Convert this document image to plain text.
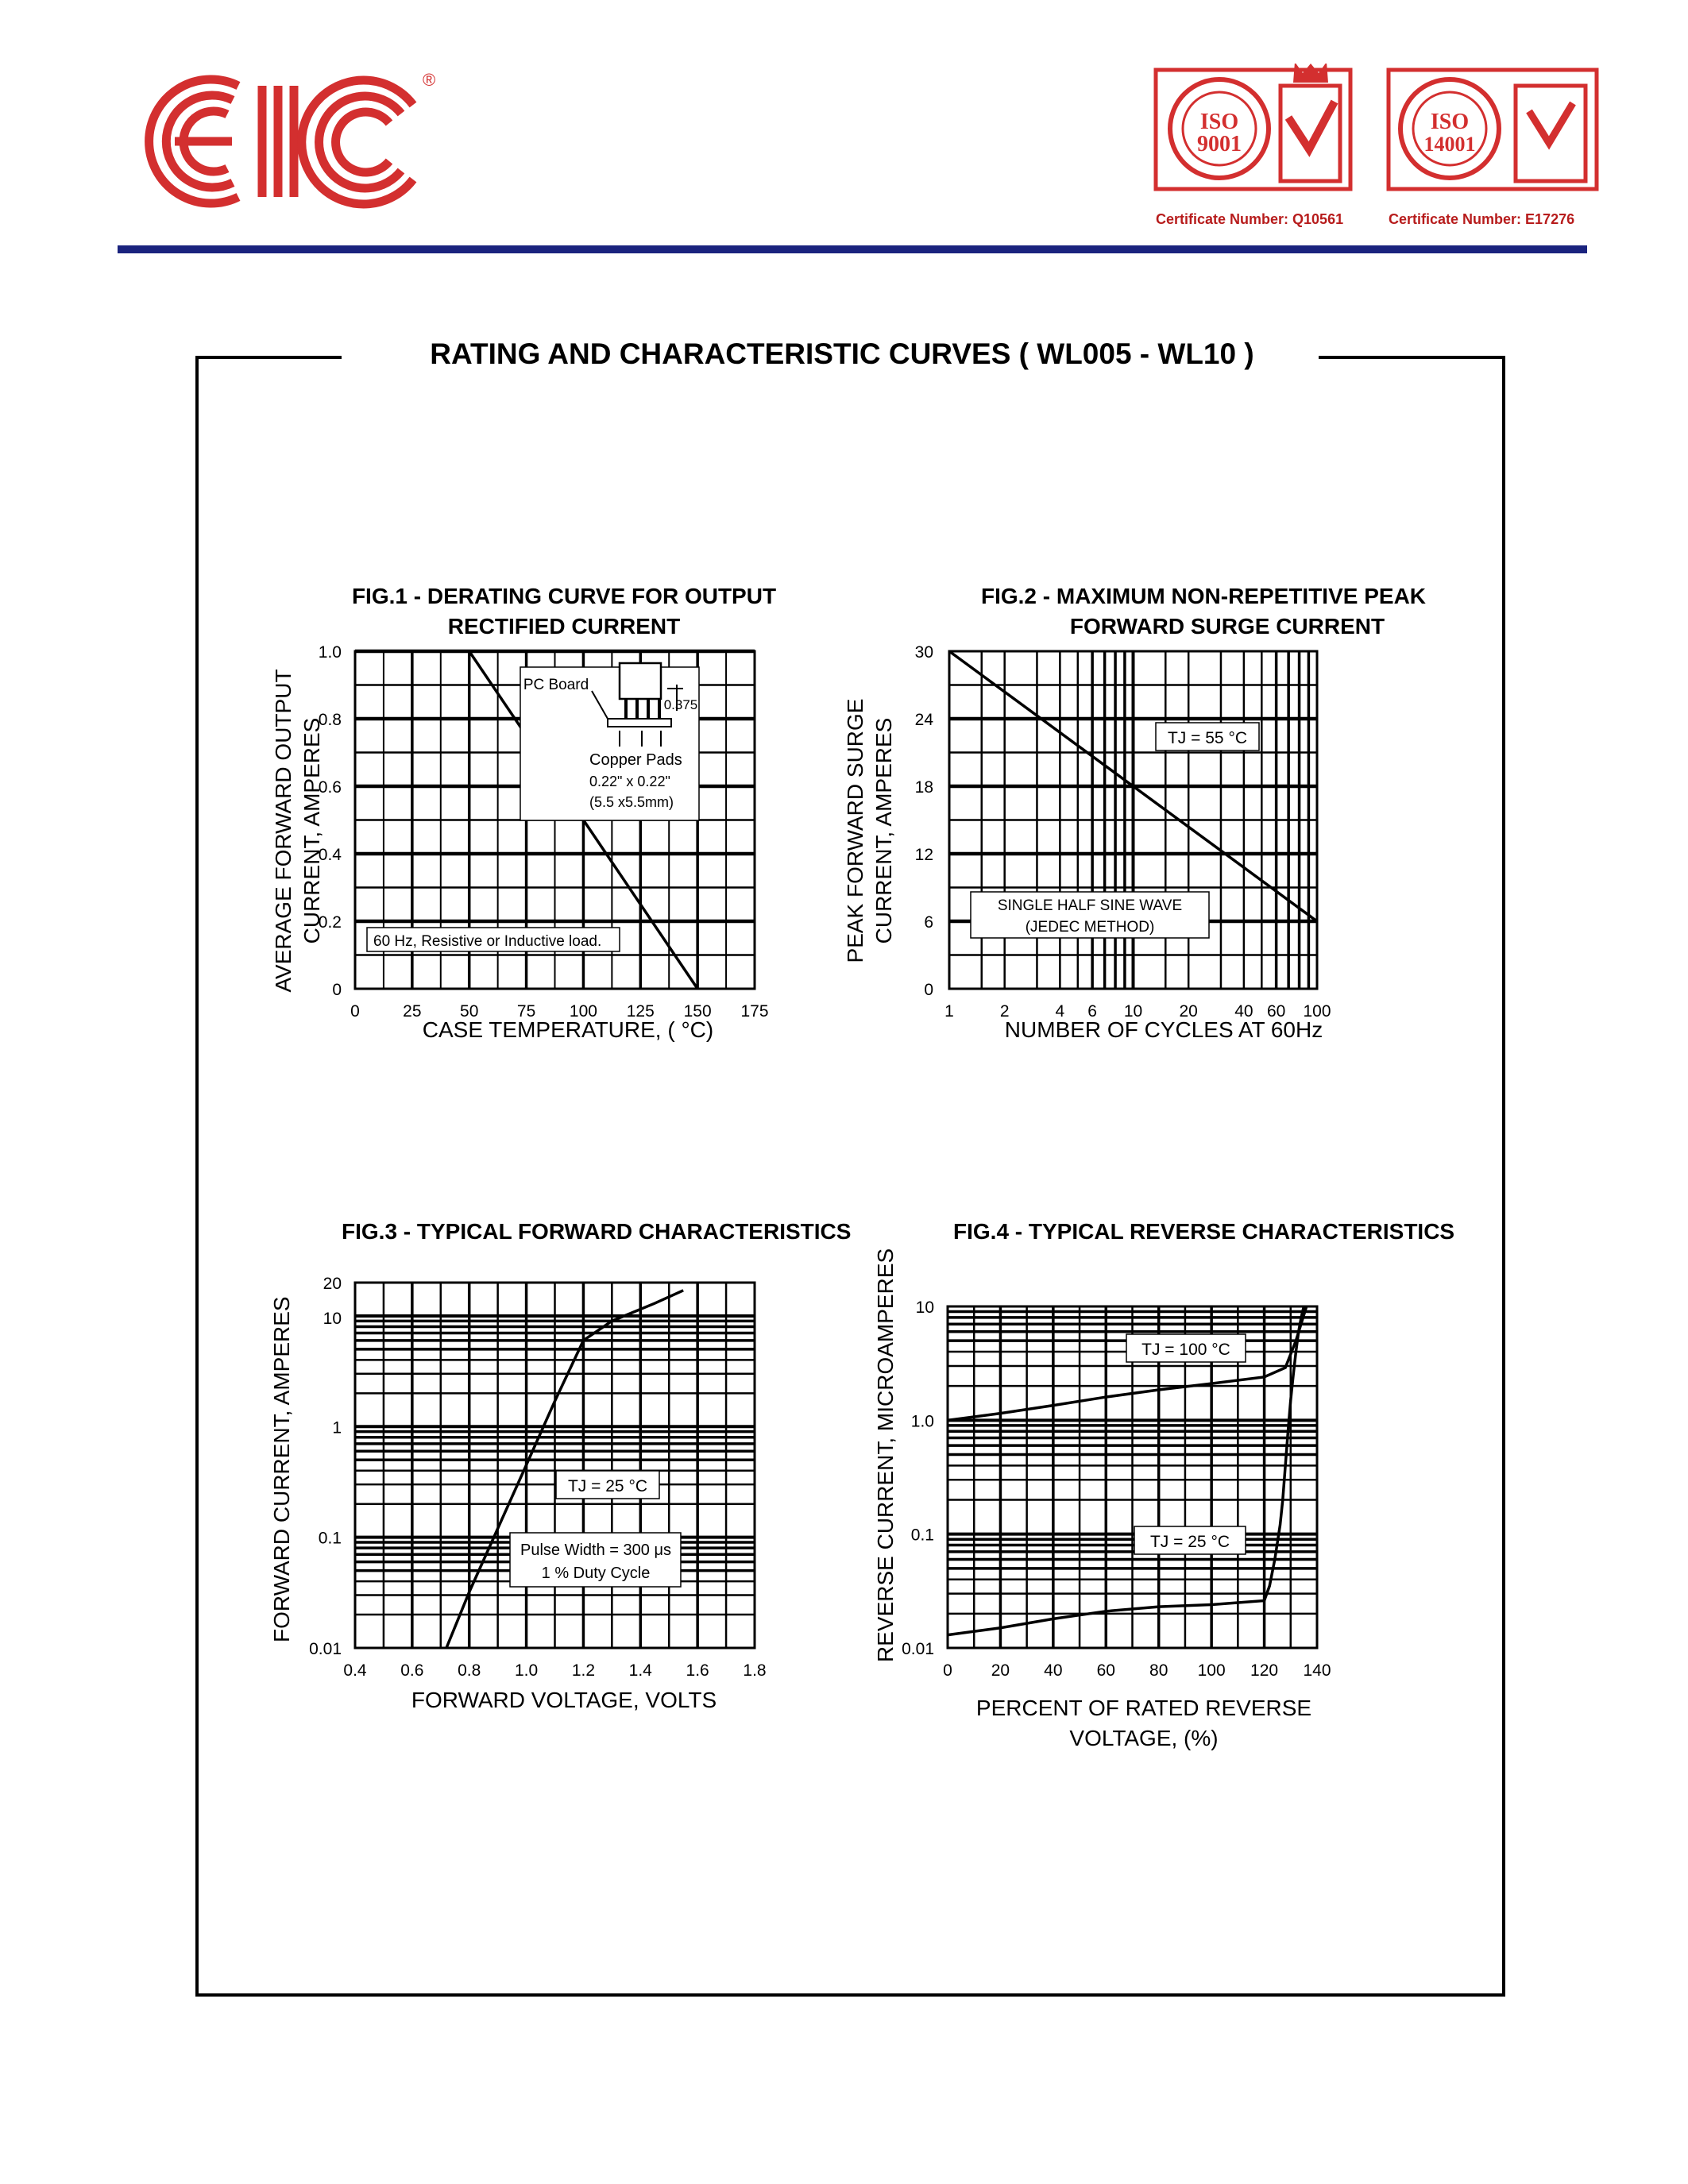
®
ISO
9001
Certificate Number: Q10561
ISO
14001
Certificate Number: E17276
RATING AND CHARACTERISTIC CURVES ( WL005 - WL10 )
FIG.1 - DERATING CURVE FOR OUTPUT
RECTIFIED CURRENT
FIG.2 - MAXIMUM NON-REPETITIVE PEAK
FORWARD SURGE CURRENT
FIG.3 - TYPICAL FORWARD CHARACTERISTICS	FIG.4 - TYPICAL REVERSE CHARACTERISTICS
AVERAGE FORWARD OUTPUT CURRENT, AMPERES	PEAK FORWARD SURGE CURRENT, AMPERES
FORWARD CURRENT, AMPERES	REVERSE CURRENT, MICROAMPERES
CASE TEMPERATURE, ( °C)	NUMBER OF CYCLES AT 60Hz
FORWARD VOLTAGE, VOLTS	PERCENT OF RATED REVERSE
VOLTAGE, (%)
0	25 50 75 100 125 150 175
0
0.2
0.4
0.6
0.8
1.0
PC Board
0.375
Copper Pads
0.22" x 0.22"
(5.5 x5.5mm)
60 Hz, Resistive or Inductive load.
1	2	4 6 10 20 40 60 100
0
6
12
18
24
30
TJ = 55 °C
SINGLE HALF SINE WAVE
(JEDEC METHOD)
0.4 0.6 0.8 1.0 1.2 1.4 1.6 1.8
0.01
0.1
1
10
20
TJ = 25 °C
Pulse Width = 300 μs
1 % Duty Cycle
0 20 40 60 80 100 120 140
0.01
0.1
1.0
10
TJ = 100 °C
TJ = 25 °C
